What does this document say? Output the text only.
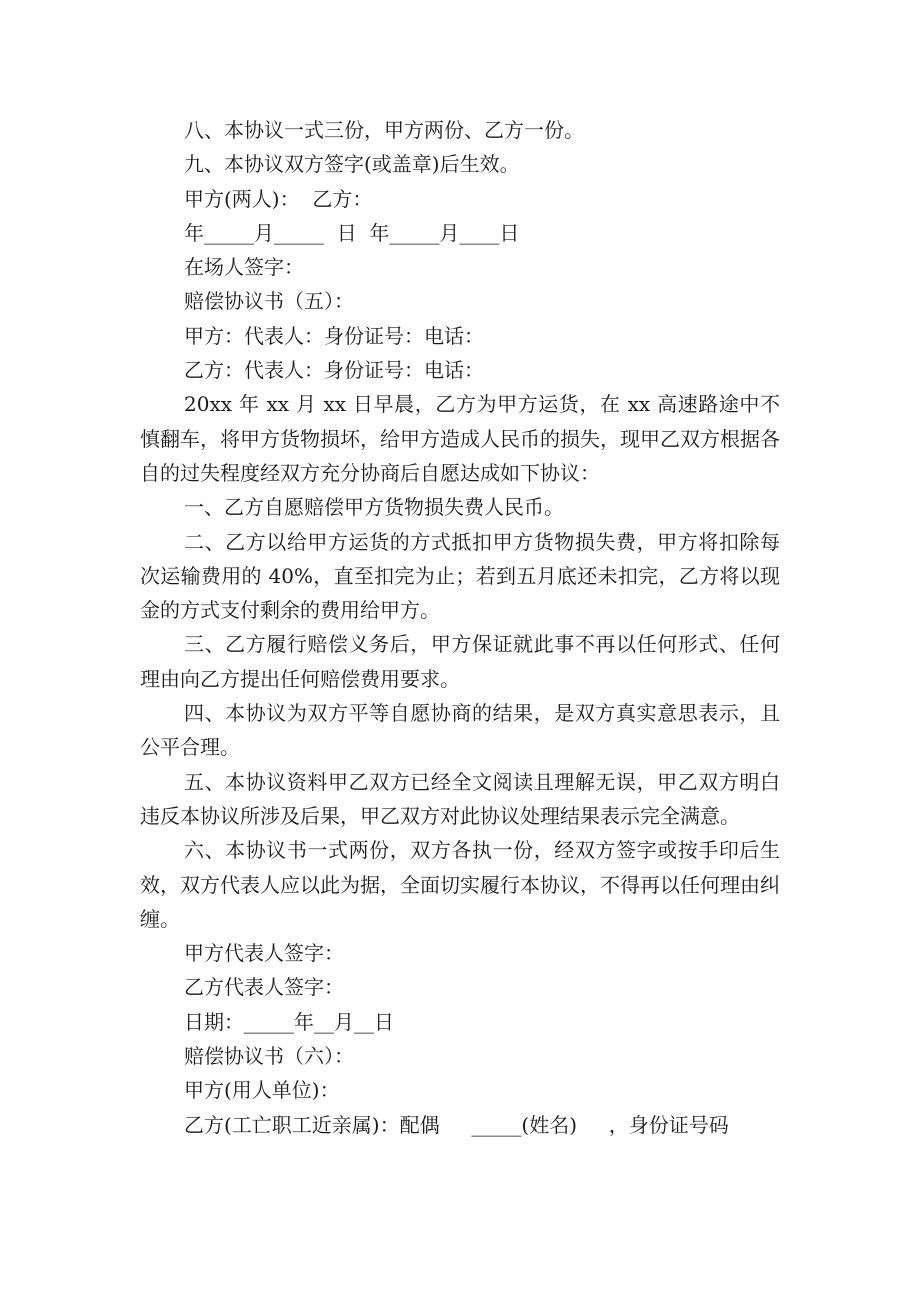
八、本协议一式三份，甲方两份、乙方一份。

九、本协议双方签字(或盖章)后生效。

甲方(两人)：  乙方：

年_____月_____  日  年_____月____日

在场人签字：

赔偿协议书（五）：

甲方：代表人：身份证号：电话：

乙方：代表人：身份证号：电话：

20xx 年 xx 月 xx 日早晨，乙方为甲方运货，在 xx 高速路途中不慎翻车，将甲方货物损坏，给甲方造成人民币的损失，现甲乙双方根据各自的过失程度经双方充分协商后自愿达成如下协议：

一、乙方自愿赔偿甲方货物损失费人民币。

二、乙方以给甲方运货的方式抵扣甲方货物损失费，甲方将扣除每次运输费用的 40%，直至扣完为止；若到五月底还未扣完，乙方将以现金的方式支付剩余的费用给甲方。

三、乙方履行赔偿义务后，甲方保证就此事不再以任何形式、任何理由向乙方提出任何赔偿费用要求。

四、本协议为双方平等自愿协商的结果，是双方真实意思表示，且公平合理。

五、本协议资料甲乙双方已经全文阅读且理解无误，甲乙双方明白违反本协议所涉及后果，甲乙双方对此协议处理结果表示完全满意。

六、本协议书一式两份，双方各执一份，经双方签字或按手印后生效，双方代表人应以此为据，全面切实履行本协议，不得再以任何理由纠缠。

甲方代表人签字：

乙方代表人签字：

日期：_____年__月__日

赔偿协议书（六）：

甲方(用人单位)：

乙方(工亡职工近亲属)：配偶     _____(姓名)     ，身份证号码
